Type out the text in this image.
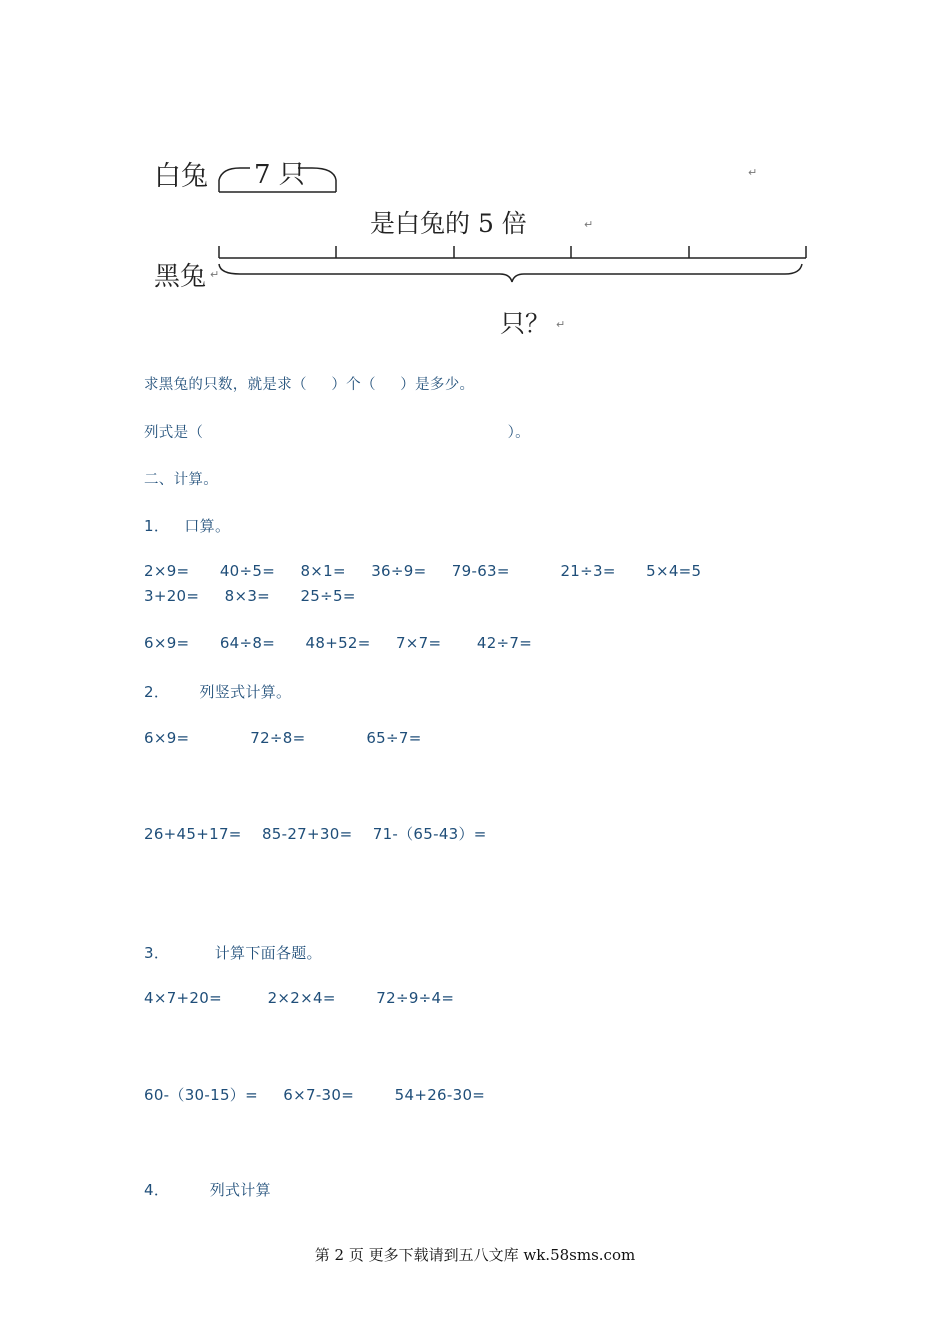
白兔 7 只	↵
是白兔的 5 倍	↵
黑兔 ↵
只？ ↵
求黑兔的只数，就是求（     ）个（     ）是多少。
列式是（                                                              ）。
二、计算。
1．   口算。
2×9=      40÷5=     8×1=     36÷9=     79-63=          21÷3=      5×4=5
3+20=     8×3=      25÷5=
6×9=      64÷8=      48+52=     7×7=       42÷7=
2．      列竖式计算。
6×9=            72÷8=            65÷7=
26+45+17=    85-27+30=    71-（65-43）=
3．         计算下面各题。
4×7+20=         2×2×4=        72÷9÷4=
60-（30-15）=     6×7-30=        54+26-30=
4．        列式计算
第 2 页 更多下载请到五八文库 wk.58sms.com
